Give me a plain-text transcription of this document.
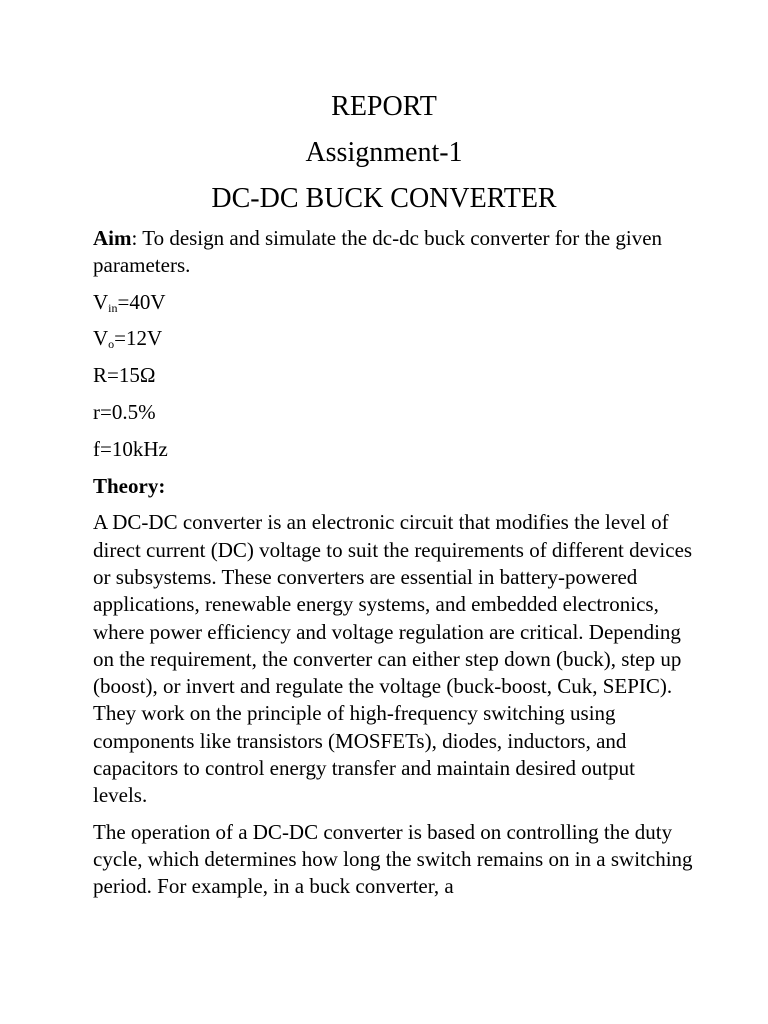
REPORT
Assignment-1
DC-DC BUCK CONVERTER

Aim: To design and simulate the dc-dc buck converter for the given parameters.

$V_{in}=40V$

$V_o=12V$

R=15Ω

r=0.5%

f=10kHz

Theory:

A DC-DC converter is an electronic circuit that modifies the level of direct current (DC) voltage to suit the requirements of different devices or subsystems. These converters are essential in battery-powered applications, renewable energy systems, and embedded electronics, where power efficiency and voltage regulation are critical. Depending on the requirement, the converter can either step down (buck), step up (boost), or invert and regulate the voltage (buck-boost, Cuk, SEPIC). They work on the principle of high-frequency switching using components like transistors (MOSFETs), diodes, inductors, and capacitors to control energy transfer and maintain desired output levels.

The operation of a DC-DC converter is based on controlling the duty cycle, which determines how long the switch remains on in a switching period. For example, in a buck converter, a
